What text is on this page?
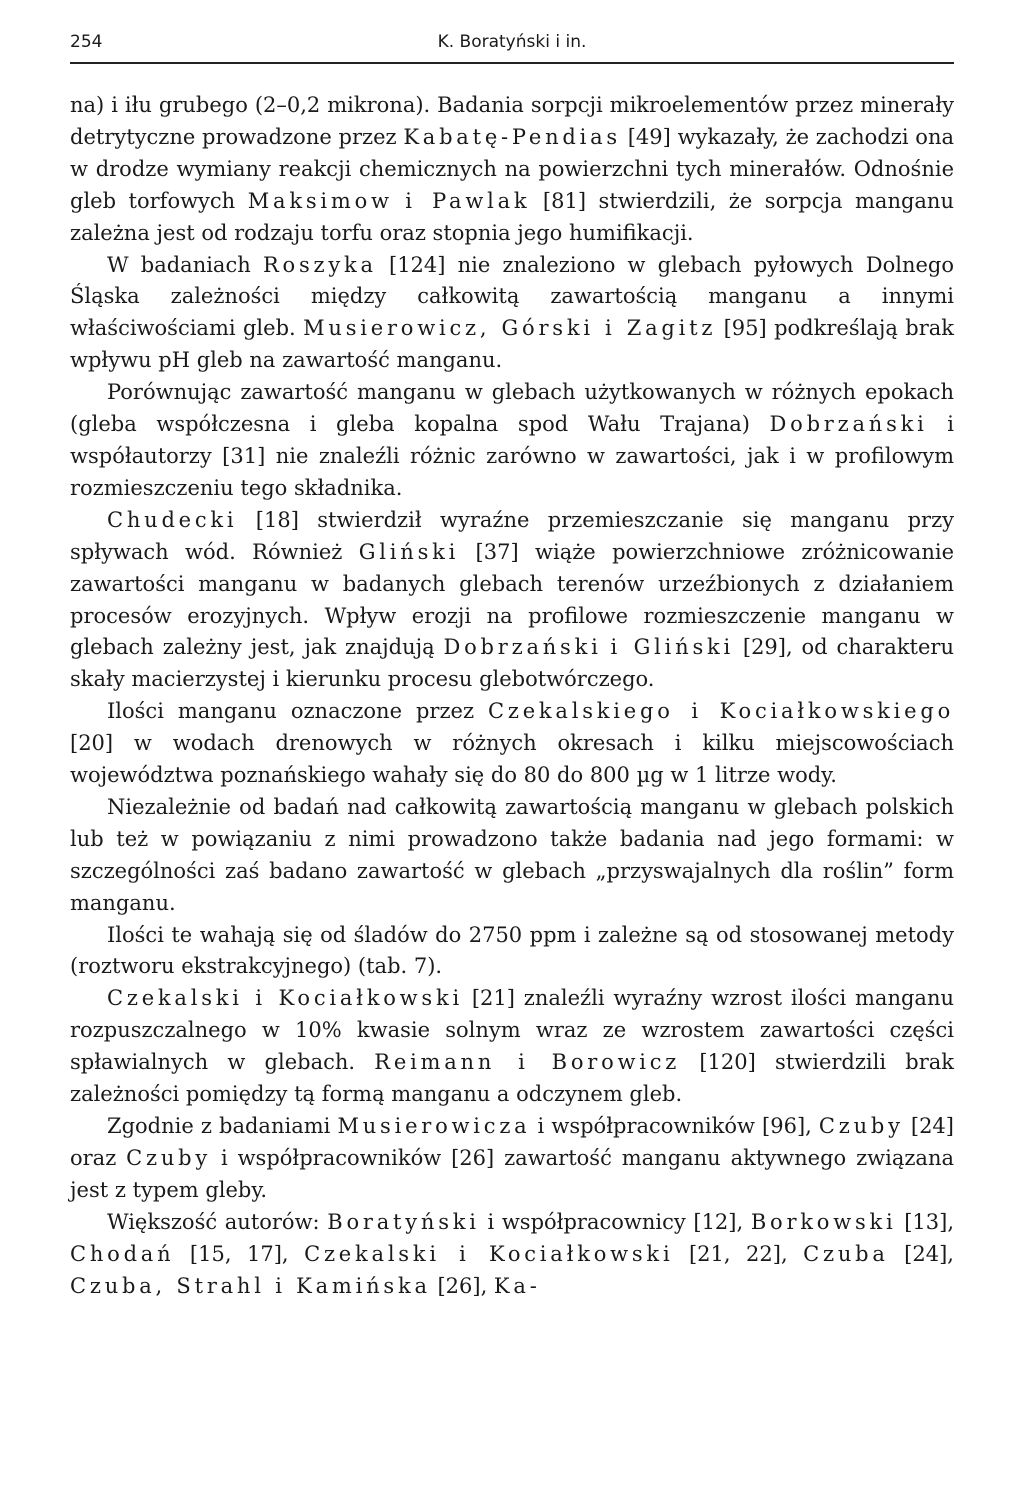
254	K. Boratyński i in.

na) i iłu grubego (2–0,2 mikrona). Badania sorpcji mikroelementów przez minerały detrytyczne prowadzone przez Kabatę-Pendias [49] wykazały, że zachodzi ona w drodze wymiany reakcji chemicznych na powierzchni tych minerałów. Odnośnie gleb torfowych Maksimow i Pawlak [81] stwierdzili, że sorpcja manganu zależna jest od rodzaju torfu oraz stopnia jego humifikacji.

W badaniach Roszyka [124] nie znaleziono w glebach pyłowych Dolnego Śląska zależności między całkowitą zawartością manganu a innymi właściwościami gleb. Musierowicz, Górski i Zagitz [95] podkreślają brak wpływu pH gleb na zawartość manganu.

Porównując zawartość manganu w glebach użytkowanych w różnych epokach (gleba współczesna i gleba kopalna spod Wału Trajana) Dobrzański i współautorzy [31] nie znaleźli różnic zarówno w zawartości, jak i w profilowym rozmieszczeniu tego składnika.

Chudecki [18] stwierdził wyraźne przemieszczanie się manganu przy spływach wód. Również Gliński [37] wiąże powierzchniowe zróżnicowanie zawartości manganu w badanych glebach terenów urzeźbionych z działaniem procesów erozyjnych. Wpływ erozji na profilowe rozmieszczenie manganu w glebach zależny jest, jak znajdują Dobrzański i Gliński [29], od charakteru skały macierzystej i kierunku procesu glebotwórczego.

Ilości manganu oznaczone przez Czekalskiego i Kociałkowskiego [20] w wodach drenowych w różnych okresach i kilku miejscowościach województwa poznańskiego wahały się do 80 do 800 µg w 1 litrze wody.

Niezależnie od badań nad całkowitą zawartością manganu w glebach polskich lub też w powiązaniu z nimi prowadzono także badania nad jego formami: w szczególności zaś badano zawartość w glebach „przyswajalnych dla roślin” form manganu.

Ilości te wahają się od śladów do 2750 ppm i zależne są od stosowanej metody (roztworu ekstrakcyjnego) (tab. 7).

Czekalski i Kociałkowski [21] znaleźli wyraźny wzrost ilości manganu rozpuszczalnego w 10% kwasie solnym wraz ze wzrostem zawartości części spławialnych w glebach. Reimann i Borowicz [120] stwierdzili brak zależności pomiędzy tą formą manganu a odczynem gleb.

Zgodnie z badaniami Musierowicza i współpracowników [96], Czuby [24] oraz Czuby i współpracowników [26] zawartość manganu aktywnego związana jest z typem gleby.

Większość autorów: Boratyński i współpracownicy [12], Borkowski [13], Chodań [15, 17], Czekalski i Kociałkowski [21, 22], Czuba [24], Czuba, Strahl i Kamińska [26], Ka-
